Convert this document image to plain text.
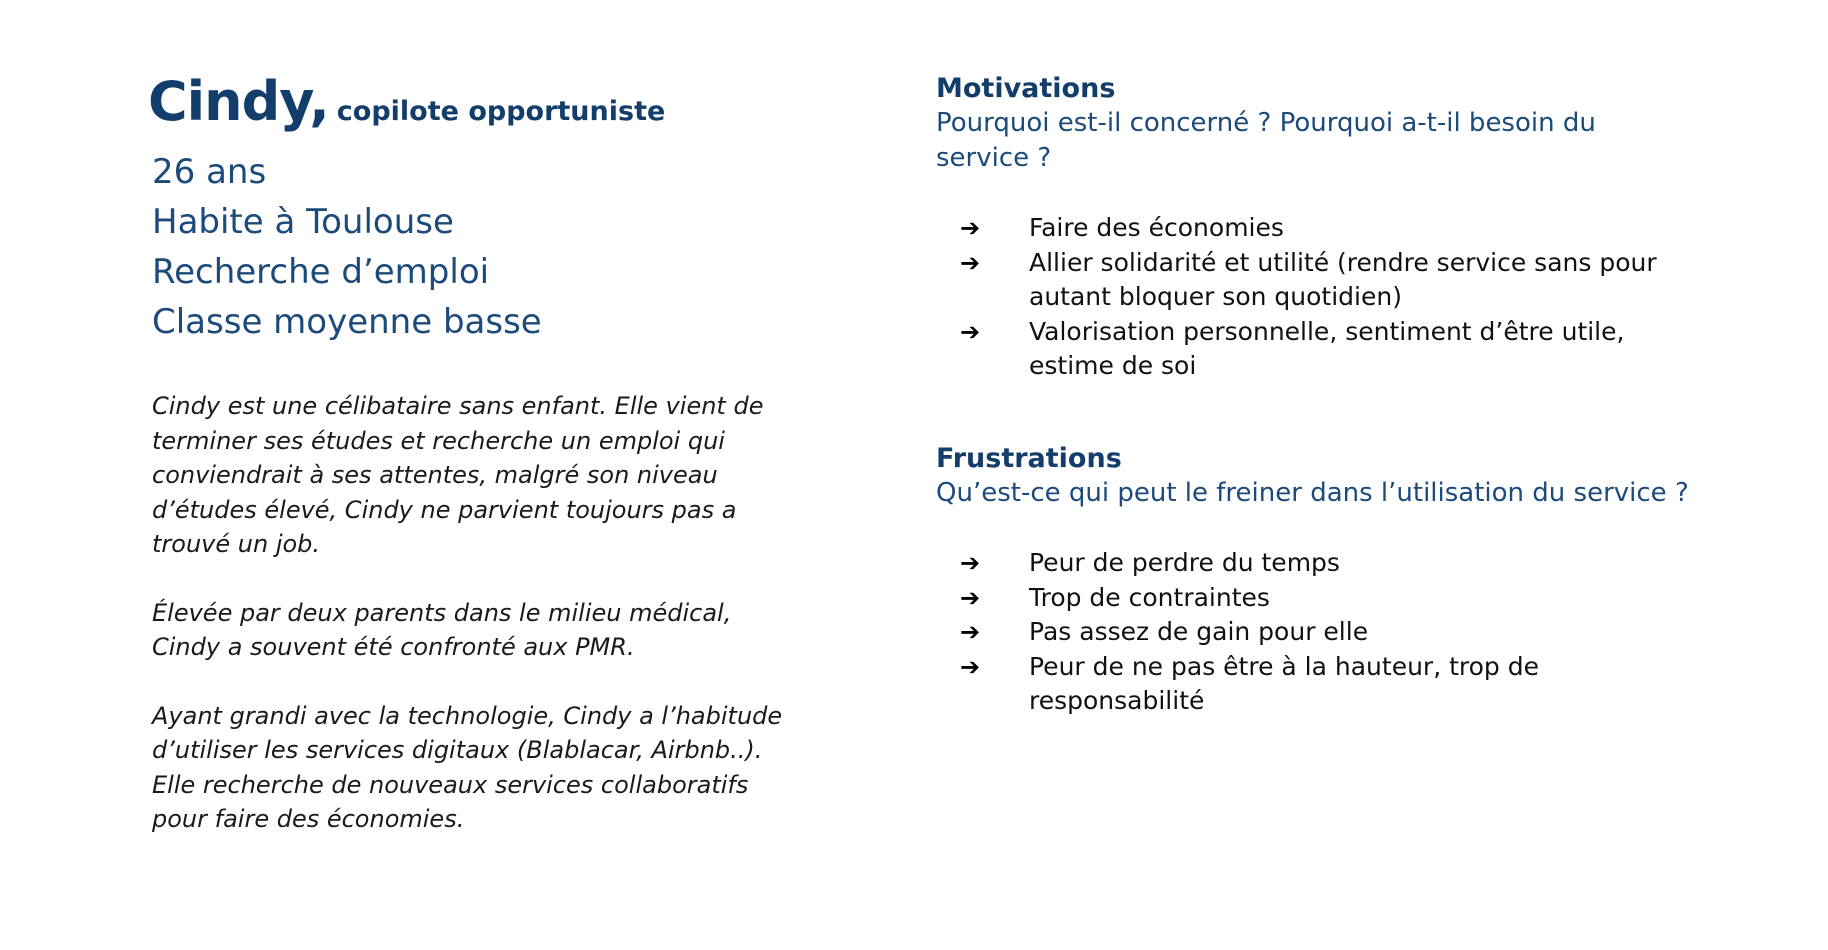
Cindy, copilote opportuniste
26 ans
Habite à Toulouse
Recherche d’emploi
Classe moyenne basse

Cindy est une célibataire sans enfant. Elle vient de terminer ses études et recherche un emploi qui conviendrait à ses attentes, malgré son niveau d’études élevé, Cindy ne parvient toujours pas a trouvé un job.

Élevée par deux parents dans le milieu médical, Cindy a souvent été confronté aux PMR.

Ayant grandi avec la technologie, Cindy a l’habitude d’utiliser les services digitaux (Blablacar, Airbnb..). Elle recherche de nouveaux services collaboratifs pour faire des économies.

Motivations
Pourquoi est-il concerné ? Pourquoi a-t-il besoin du service ?
➔ Faire des économies
➔ Allier solidarité et utilité (rendre service sans pour autant bloquer son quotidien)
➔ Valorisation personnelle, sentiment d’être utile, estime de soi
Frustrations
Qu’est-ce qui peut le freiner dans l’utilisation du service ?
➔ Peur de perdre du temps
➔ Trop de contraintes
➔ Pas assez de gain pour elle
➔ Peur de ne pas être à la hauteur, trop de responsabilité
